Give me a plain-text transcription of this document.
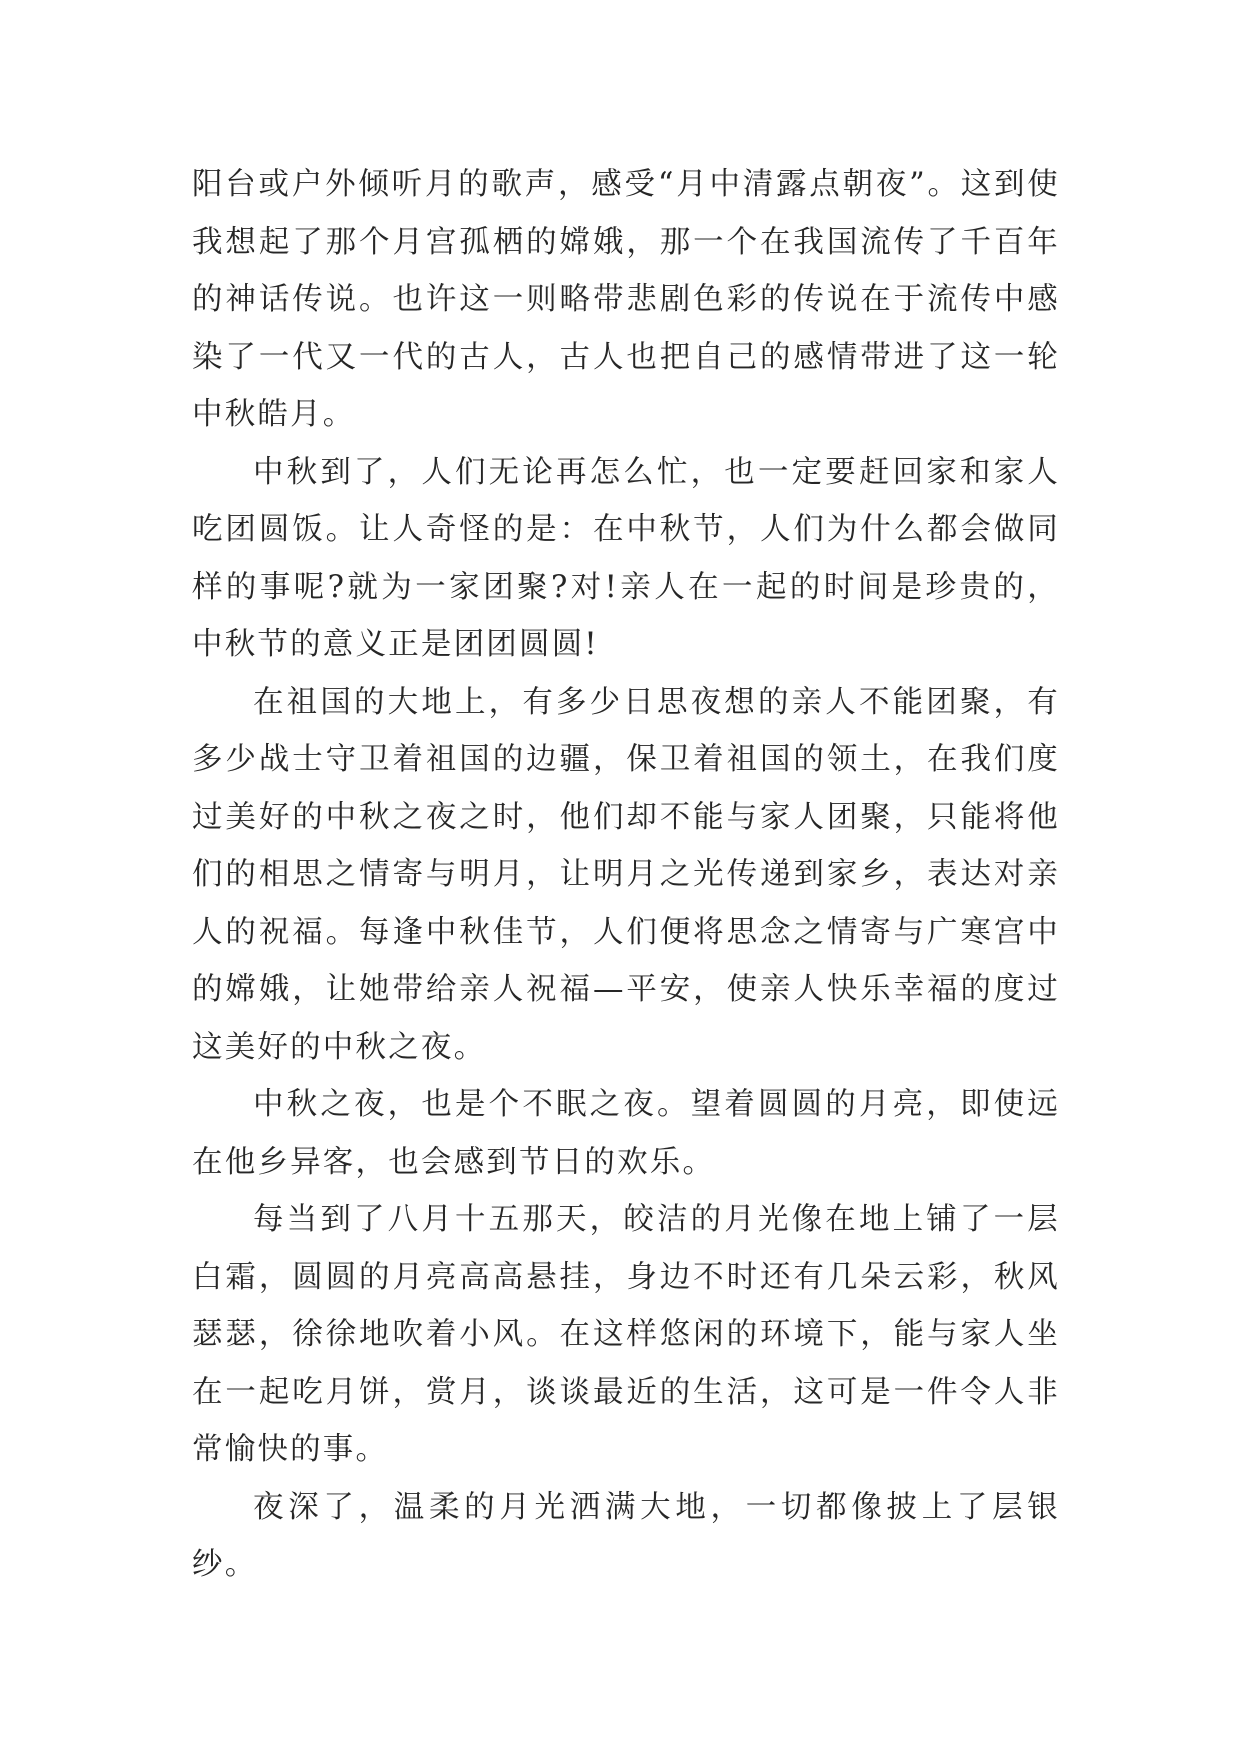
阳台或户外倾听月的歌声，感受“月中清露点朝夜”。这到使我想起了那个月宫孤栖的嫦娥，那一个在我国流传了千百年的神话传说。也许这一则略带悲剧色彩的传说在于流传中感染了一代又一代的古人，古人也把自己的感情带进了这一轮中秋皓月。

中秋到了，人们无论再怎么忙，也一定要赶回家和家人吃团圆饭。让人奇怪的是：在中秋节，人们为什么都会做同样的事呢?就为一家团聚?对!亲人在一起的时间是珍贵的，中秋节的意义正是团团圆圆!

在祖国的大地上，有多少日思夜想的亲人不能团聚，有多少战士守卫着祖国的边疆，保卫着祖国的领土，在我们度过美好的中秋之夜之时，他们却不能与家人团聚，只能将他们的相思之情寄与明月，让明月之光传递到家乡，表达对亲人的祝福。每逢中秋佳节，人们便将思念之情寄与广寒宫中的嫦娥，让她带给亲人祝福—平安，使亲人快乐幸福的度过这美好的中秋之夜。

中秋之夜，也是个不眠之夜。望着圆圆的月亮，即使远在他乡异客，也会感到节日的欢乐。

每当到了八月十五那天，皎洁的月光像在地上铺了一层白霜，圆圆的月亮高高悬挂，身边不时还有几朵云彩，秋风瑟瑟，徐徐地吹着小风。在这样悠闲的环境下，能与家人坐在一起吃月饼，赏月，谈谈最近的生活，这可是一件令人非常愉快的事。

夜深了，温柔的月光洒满大地，一切都像披上了层银纱。
